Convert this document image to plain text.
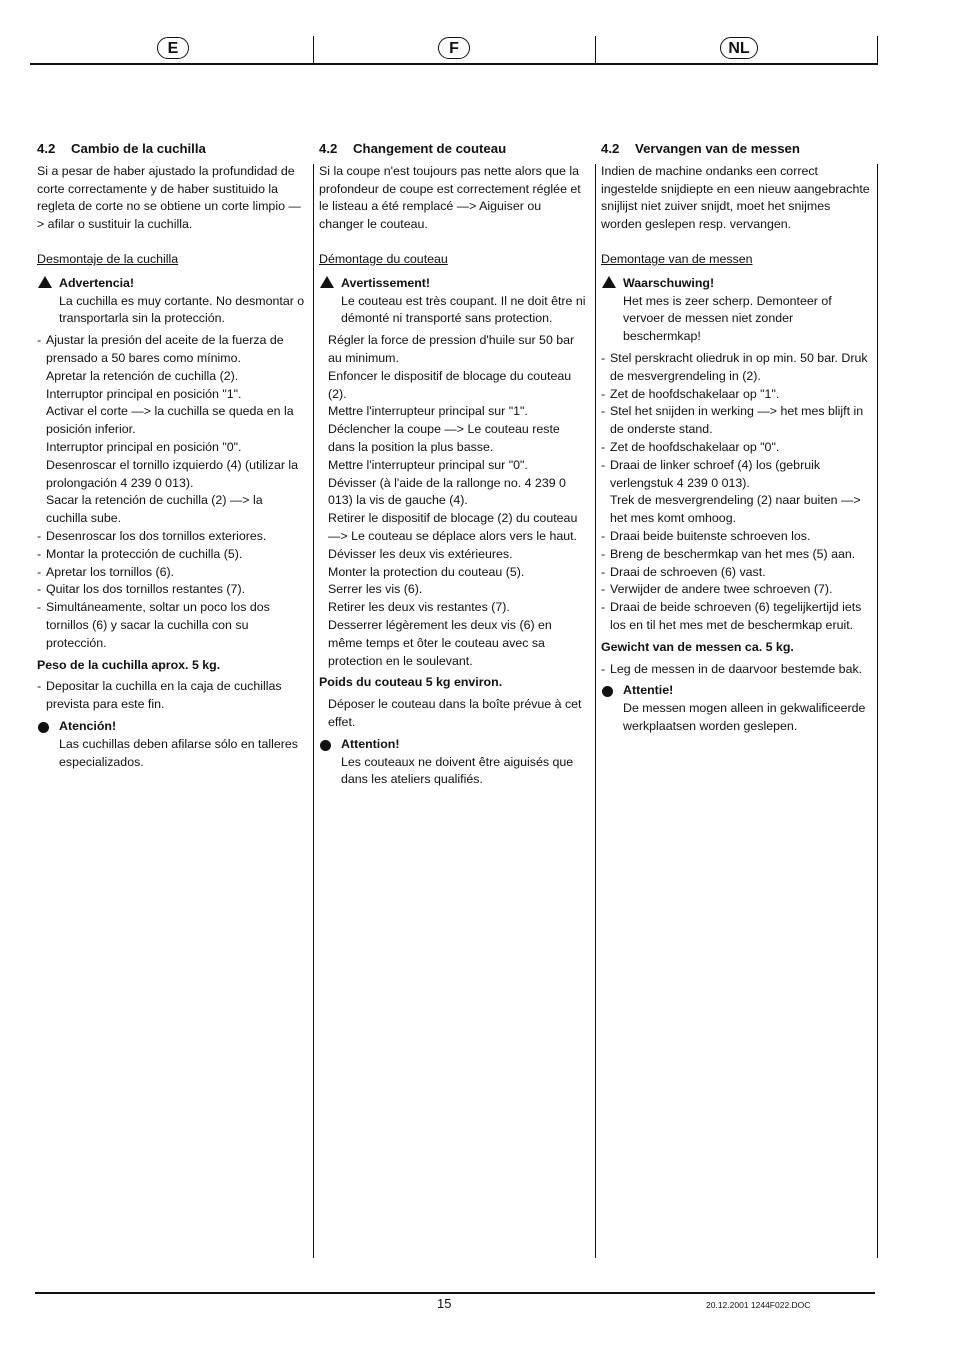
E	F	NL
15	20.12.2001 1244F022.DOC

4.2 Cambio de la cuchilla

Si a pesar de haber ajustado la profundidad de corte correctamente y de haber sustituido la regleta de corte no se obtiene un corte limpio —> afilar o sustituir la cuchilla.

Desmontaje de la cuchilla

Advertencia!

La cuchilla es muy cortante. No desmontar o transportarla sin la protección.

- Ajustar la presión del aceite de la fuerza de prensado a 50 bares como mínimo.
Apretar la retención de cuchilla (2).
Interruptor principal en posición "1".
Activar el corte —> la cuchilla se queda en la posición inferior.
Interruptor principal en posición "0".
Desenroscar el tornillo izquierdo (4) (utilizar la prolongación 4 239 0 013).
Sacar la retención de cuchilla (2) —> la cuchilla sube.
- Desenroscar los dos tornillos exteriores.
- Montar la protección de cuchilla (5).
- Apretar los tornillos (6).
- Quitar los dos tornillos restantes (7).
- Simultáneamente, soltar un poco los dos tornillos (6) y sacar la cuchilla con su protección.

Peso de la cuchilla aprox. 5 kg.

- Depositar la cuchilla en la caja de cuchillas prevista para este fin.

Atención!

Las cuchillas deben afilarse sólo en talleres especializados.

4.2 Changement de couteau

Si la coupe n'est toujours pas nette alors que la profondeur de coupe est correctement réglée et le listeau a été remplacé —> Aiguiser ou changer le couteau.

Démontage du couteau

Avertissement!

Le couteau est très coupant. Il ne doit être ni démonté ni transporté sans protection.

Régler la force de pression d'huile sur 50 bar au minimum.
Enfoncer le dispositif de blocage du couteau (2).
Mettre l'interrupteur principal sur "1".
Déclencher la coupe —> Le couteau reste dans la position la plus basse.
Mettre l'interrupteur principal sur "0".
Dévisser (à l'aide de la rallonge no. 4 239 0 013) la vis de gauche (4).
Retirer le dispositif de blocage (2) du couteau —> Le couteau se déplace alors vers le haut.
Dévisser les deux vis extérieures.
Monter la protection du couteau (5).
Serrer les vis (6).
Retirer les deux vis restantes (7).
Desserrer légèrement les deux vis (6) en même temps et ôter le couteau avec sa protection en le soulevant.

Poids du couteau 5 kg environ.

Déposer le couteau dans la boîte prévue à cet effet.

Attention!

Les couteaux ne doivent être aiguisés que dans les ateliers qualifiés.

4.2 Vervangen van de messen

Indien de machine ondanks een correct ingestelde snijdiepte en een nieuw aangebrachte snijlijst niet zuiver snijdt, moet het snijmes worden geslepen resp. vervangen.

Demontage van de messen

Waarschuwing!

Het mes is zeer scherp. Demonteer of vervoer de messen niet zonder beschermkap!

- Stel perskracht oliedruk in op min. 50 bar. Druk de mesvergrendeling in (2).
- Zet de hoofdschakelaar op "1".
- Stel het snijden in werking —> het mes blijft in de onderste stand.
- Zet de hoofdschakelaar op "0".
- Draai de linker schroef (4) los (gebruik verlengstuk 4 239 0 013).
Trek de mesvergrendeling (2) naar buiten —> het mes komt omhoog.
- Draai beide buitenste schroeven los.
- Breng de beschermkap van het mes (5) aan.
- Draai de schroeven (6) vast.
- Verwijder de andere twee schroeven (7).
- Draai de beide schroeven (6) tegelijkertijd iets los en til het mes met de beschermkap eruit.

Gewicht van de messen ca. 5 kg.

- Leg de messen in de daarvoor bestemde bak.

Attentie!

De messen mogen alleen in gekwalificeerde werkplaatsen worden geslepen.
